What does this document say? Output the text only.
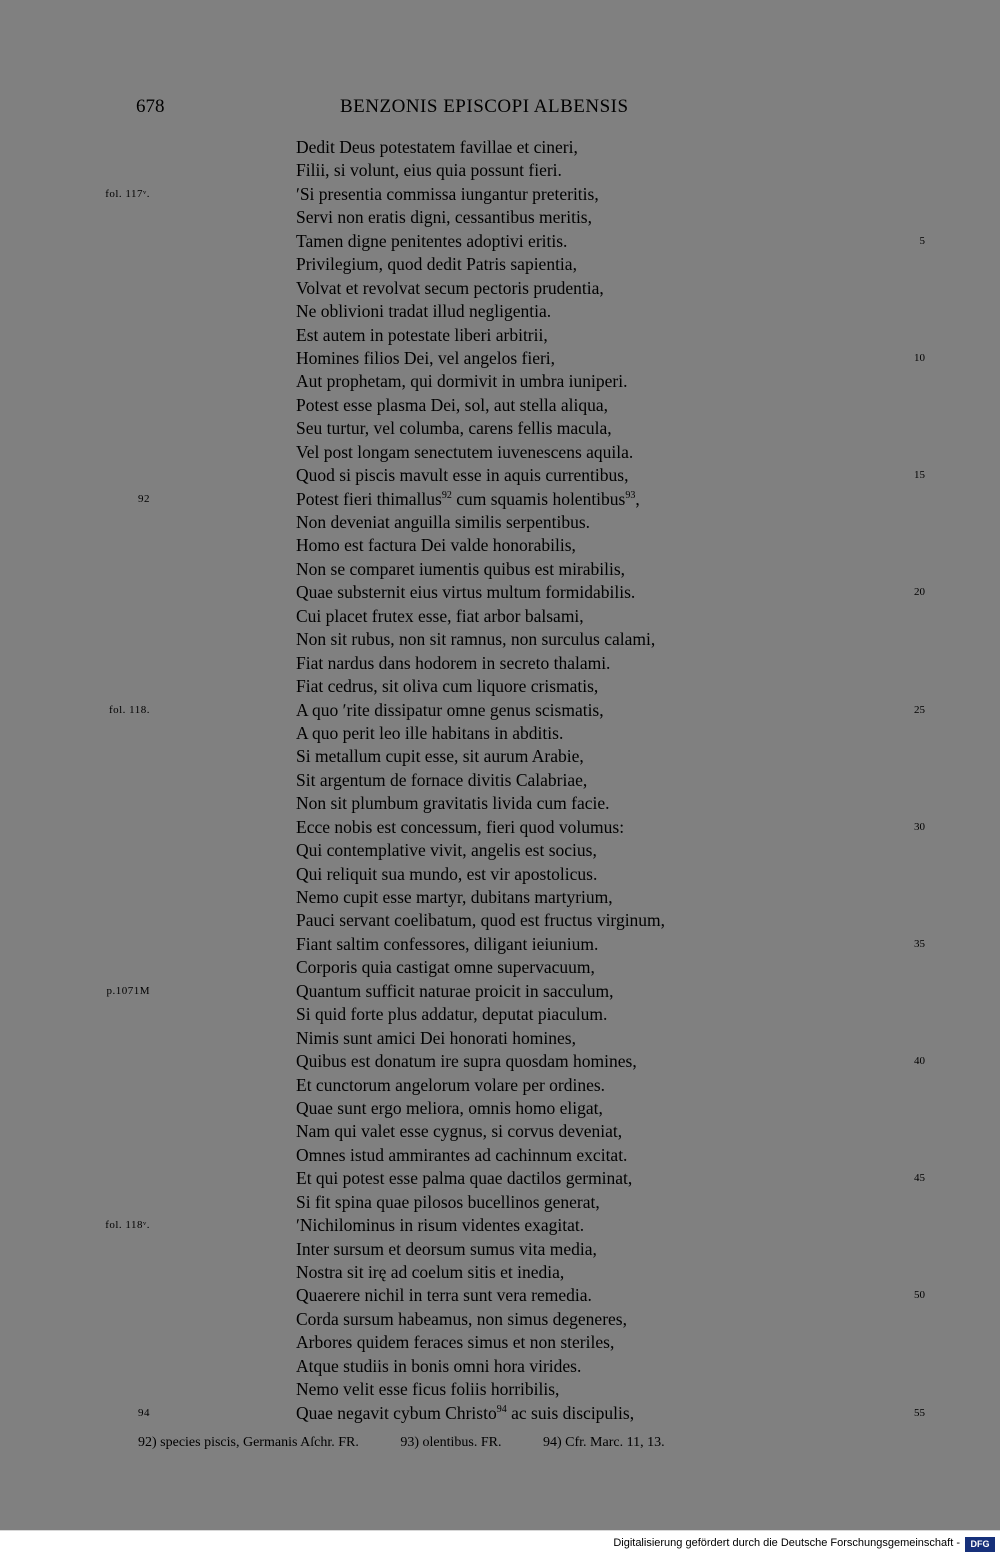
678	BENZONIS EPISCOPI ALBENSIS
Dedit Deus potestatem favillae et cineri,
Filii, si volunt, eius quia possunt fieri.
fol. 117ᵛ.	ʹSi presentia commissa iungantur preteritis,
Servi non eratis digni, cessantibus meritis,
Tamen digne penitentes adoptivi eritis.	5
Privilegium, quod dedit Patris sapientia,
Volvat et revolvat secum pectoris prudentia,
Ne oblivioni tradat illud negligentia.
Est autem in potestate liberi arbitrii,
Homines filios Dei, vel angelos fieri,	10
Aut prophetam, qui dormivit in umbra iuniperi.
Potest esse plasma Dei, sol, aut stella aliqua,
Seu turtur, vel columba, carens fellis macula,
Vel post longam senectutem iuvenescens aquila.
Quod si piscis mavult esse in aquis currentibus,	15
92	Potest fieri thimallus$^{92}$ cum squamis holentibus$^{93}$,
Non deveniat anguilla similis serpentibus.
Homo est factura Dei valde honorabilis,
Non se comparet iumentis quibus est mirabilis,
Quae substernit eius virtus multum formidabilis.	20
Cui placet frutex esse, fiat arbor balsami,
Non sit rubus, non sit ramnus, non surculus calami,
Fiat nardus dans hodorem in secreto thalami.
Fiat cedrus, sit oliva cum liquore crismatis,
fol. 118.	A quo ʹrite dissipatur omne genus scismatis,	25
A quo perit leo ille habitans in abditis.
Si metallum cupit esse, sit aurum Arabie,
Sit argentum de fornace divitis Calabriae,
Non sit plumbum gravitatis livida cum facie.
Ecce nobis est concessum, fieri quod volumus:	30
Qui contemplative vivit, angelis est socius,
Qui reliquit sua mundo, est vir apostolicus.
Nemo cupit esse martyr, dubitans martyrium,
Pauci servant coelibatum, quod est fructus virginum,
Fiant saltim confessores, diligant ieiunium.	35
Corporis quia castigat omne supervacuum,
p.1071M	Quantum sufficit naturae proicit in sacculum,
Si quid forte plus addatur, deputat piaculum.
Nimis sunt amici Dei honorati homines,
Quibus est donatum ire supra quosdam homines,	40
Et cunctorum angelorum volare per ordines.
Quae sunt ergo meliora, omnis homo eligat,
Nam qui valet esse cygnus, si corvus deveniat,
Omnes istud ammirantes ad cachinnum excitat.
Et qui potest esse palma quae dactilos germinat,	45
Si fit spina quae pilosos bucellinos generat,
fol. 118ᵛ.	ʹNichilominus in risum videntes exagitat.
Inter sursum et deorsum sumus vita media,
Nostra sit irę ad coelum sitis et inedia,
Quaerere nichil in terra sunt vera remedia.	50
Corda sursum habeamus, non simus degeneres,
Arbores quidem feraces simus et non steriles,
Atque studiis in bonis omni hora virides.
Nemo velit esse ficus foliis horribilis,
94	Quae negavit cybum Christo$^{94}$ ac suis discipulis,	55
92) species piscis, Germanis Aſchr. FR.	93) olentibus. FR.	94) Cfr. Marc. 11, 13.
Digitalisierung gefördert durch die Deutsche Forschungsgemeinschaft -	DFG
